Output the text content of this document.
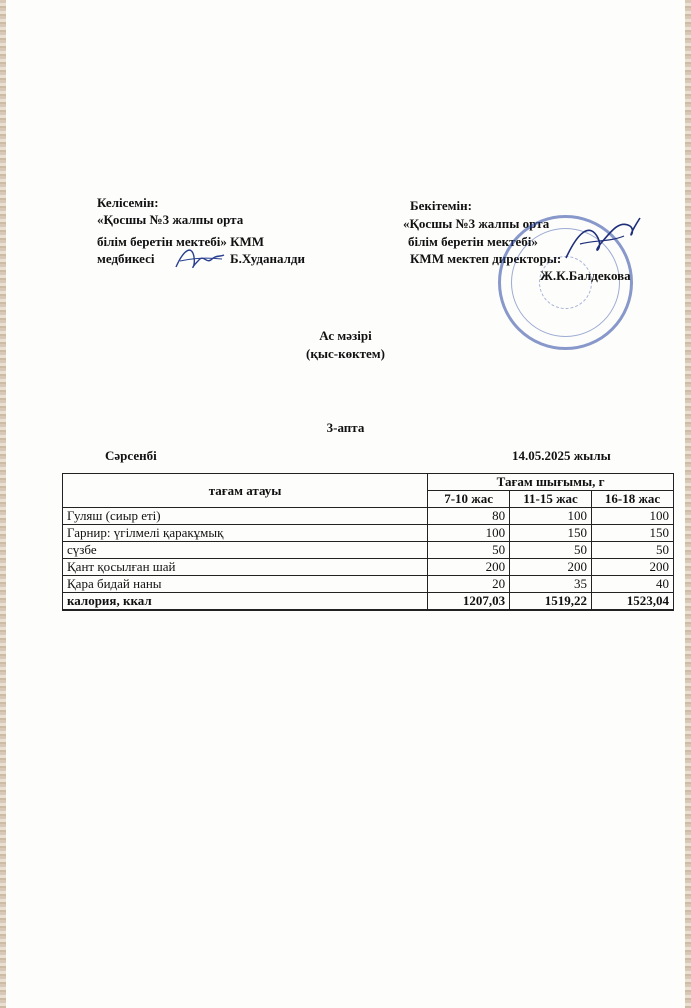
Келісемін:
«Қосшы №3 жалпы орта
білім беретін мектебі» КММ
медбикесі	Б.Худаналди
Бекітемін:
«Қосшы №3 жалпы орта
білім беретін мектебі»
КММ мектеп директоры:
Ж.К.Балдекова
Ас мәзірі
(қыс-көктем)
3-апта
Сәрсенбі	14.05.2025 жылы
тағам атауы	Тағам шығымы, г		
	7-10 жас	11-15 жас	16-18 жас
Гуляш (сиыр еті)	80	100	100
Гарнир: үгілмелі қаракұмық	100	150	150
сүзбе	50	50	50
Қант қосылған шай	200	200	200
Қара бидай наны	20	35	40
калория, ккал	1207,03	1519,22	1523,04
